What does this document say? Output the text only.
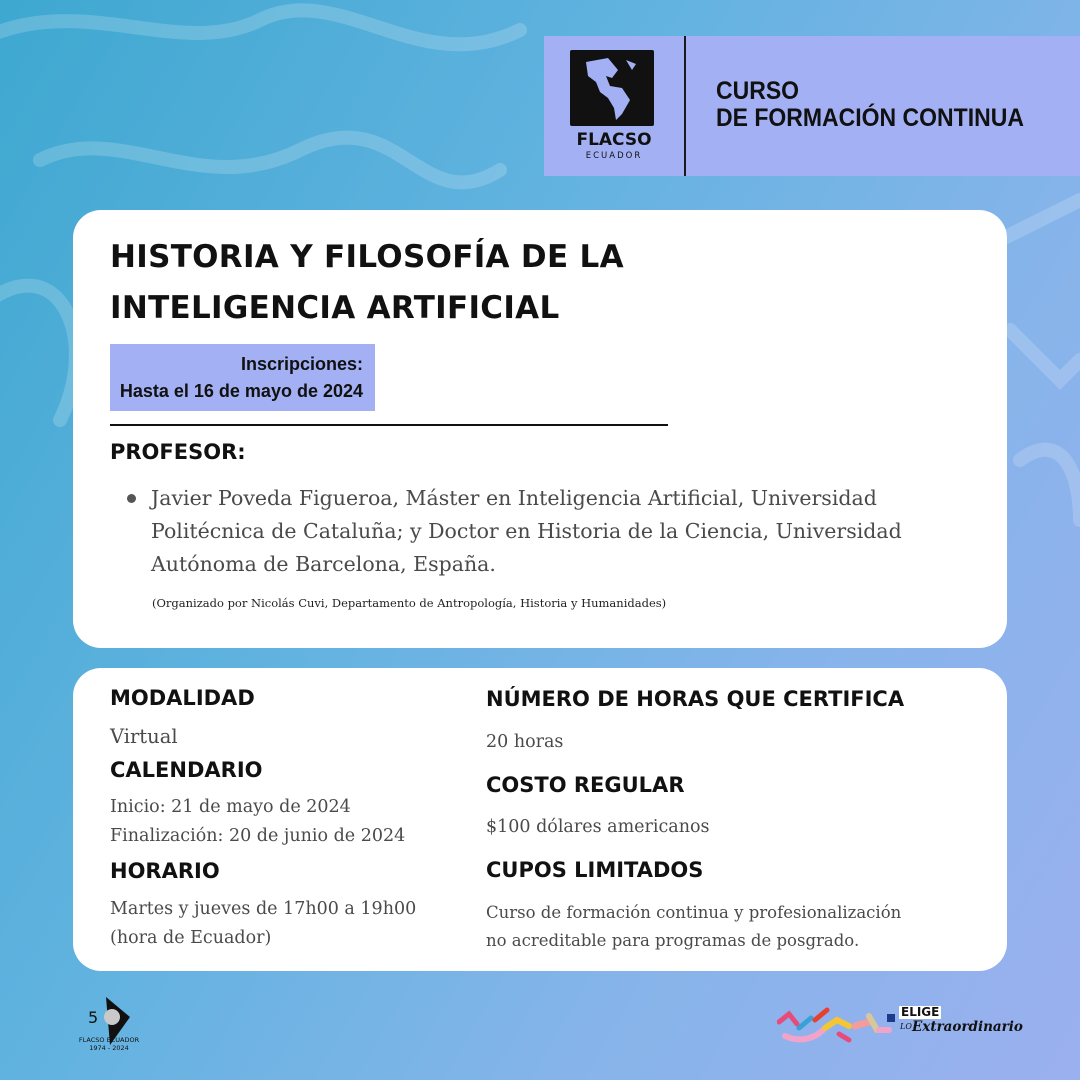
FLACSO
ECUADOR
CURSO
DE FORMACIÓN CONTINUA
HISTORIA Y FILOSOFÍA DE LA
INTELIGENCIA ARTIFICIAL
Inscripciones:
Hasta el 16 de mayo de 2024
PROFESOR:
Javier Poveda Figueroa, Máster en Inteligencia Artificial, Universidad
Politécnica de Cataluña; y Doctor en Historia de la Ciencia, Universidad
Autónoma de Barcelona, España.
(Organizado por Nicolás Cuvi, Departamento de Antropología, Historia y Humanidades)
MODALIDAD
Virtual
CALENDARIO
Inicio: 21 de mayo de 2024
Finalización: 20 de junio de 2024
HORARIO
Martes y jueves de 17h00 a 19h00
(hora de Ecuador)
NÚMERO DE HORAS QUE CERTIFICA
20 horas
COSTO REGULAR
$100 dólares americanos
CUPOS LIMITADOS
Curso de formación continua y profesionalización
no acreditable para programas de posgrado.
5
FLACSO ECUADOR
1974 - 2024
ELIGE
LO Extraordinario
